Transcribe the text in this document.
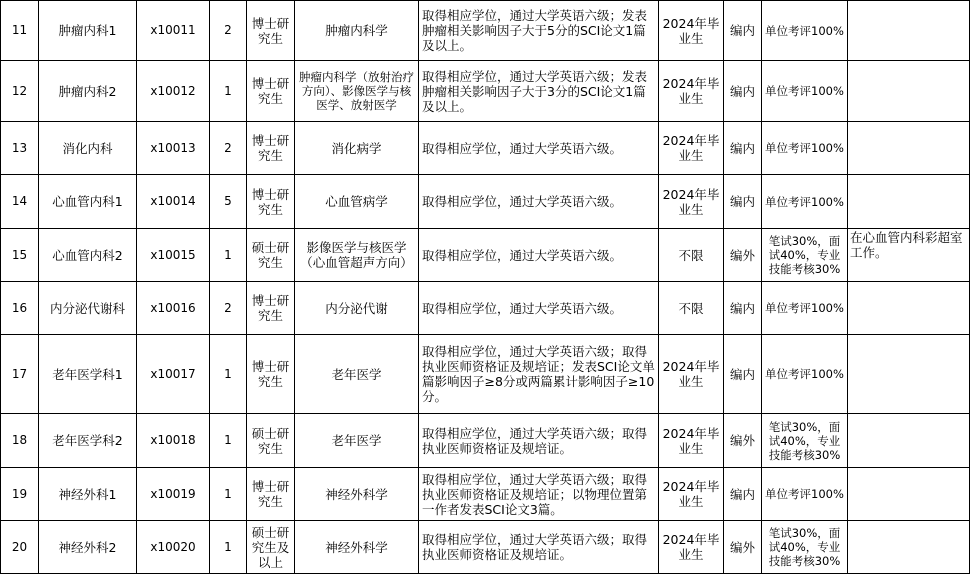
11	肿瘤内科1	x10011	2	博士研究生	肿瘤内科学	取得相应学位，通过大学英语六级；发表肿瘤相关影响因子大于5分的SCI论文1篇及以上。	2024年毕业生	编内	单位考评100%	
12	肿瘤内科2	x10012	1	博士研究生	肿瘤内科学（放射治疗方向）、影像医学与核医学、放射医学	取得相应学位，通过大学英语六级；发表肿瘤相关影响因子大于3分的SCI论文1篇及以上。	2024年毕业生	编内	单位考评100%	
13	消化内科	x10013	2	博士研究生	消化病学	取得相应学位，通过大学英语六级。	2024年毕业生	编内	单位考评100%	
14	心血管内科1	x10014	5	博士研究生	心血管病学	取得相应学位，通过大学英语六级。	2024年毕业生	编内	单位考评100%	
15	心血管内科2	x10015	1	硕士研究生	影像医学与核医学（心血管超声方向）	取得相应学位，通过大学英语六级。	不限	编外	笔试30%，面试40%，专业技能考核30%	在心血管内科彩超室工作。
16	内分泌代谢科	x10016	2	博士研究生	内分泌代谢	取得相应学位，通过大学英语六级。	不限	编内	单位考评100%	
17	老年医学科1	x10017	1	博士研究生	老年医学	取得相应学位，通过大学英语六级；取得执业医师资格证及规培证；发表SCI论文单篇影响因子≥8分或两篇累计影响因子≥10分。	2024年毕业生	编内	单位考评100%	
18	老年医学科2	x10018	1	硕士研究生	老年医学	取得相应学位，通过大学英语六级；取得执业医师资格证及规培证。	2024年毕业生	编外	笔试30%，面试40%，专业技能考核30%	
19	神经外科1	x10019	1	博士研究生	神经外科学	取得相应学位，通过大学英语六级；取得执业医师资格证及规培证；以物理位置第一作者发表SCI论文3篇。	2024年毕业生	编内	单位考评100%	
20	神经外科2	x10020	1	硕士研究生及以上	神经外科学	取得相应学位，通过大学英语六级；取得执业医师资格证及规培证。	2024年毕业生	编外	笔试30%，面试40%，专业技能考核30%	
